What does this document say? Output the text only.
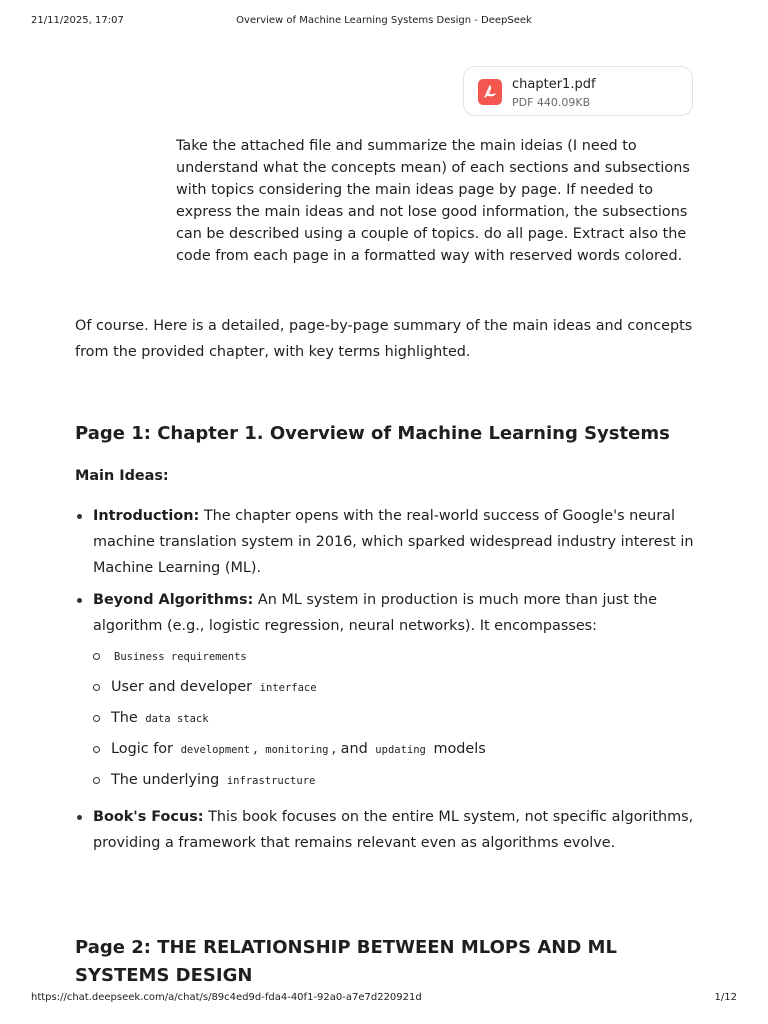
21/11/2025, 17:07	Overview of Machine Learning Systems Design - DeepSeek
chapter1.pdf
PDF 440.09KB

Take the attached file and summarize the main ideias (I need to understand what the concepts mean) of each sections and subsections with topics considering the main ideas page by page. If needed to express the main ideas and not lose good information, the subsections can be described using a couple of topics. do all page. Extract also the code from each page in a formatted way with reserved words colored.

Of course. Here is a detailed, page-by-page summary of the main ideas and concepts from the provided chapter, with key terms highlighted.

Page 1: Chapter 1. Overview of Machine Learning Systems

Main Ideas:

Introduction: The chapter opens with the real-world success of Google's neural machine translation system in 2016, which sparked widespread industry interest in Machine Learning (ML).
Beyond Algorithms: An ML system in production is much more than just the algorithm (e.g., logistic regression, neural networks). It encompasses:
Business requirements
User and developer interface
The data stack
Logic for development , monitoring , and updating models
The underlying infrastructure
Book's Focus: This book focuses on the entire ML system, not specific algorithms, providing a framework that remains relevant even as algorithms evolve.
Page 2: THE RELATIONSHIP BETWEEN MLOPS AND ML SYSTEMS DESIGN
https://chat.deepseek.com/a/chat/s/89c4ed9d-fda4-40f1-92a0-a7e7d220921d	1/12
